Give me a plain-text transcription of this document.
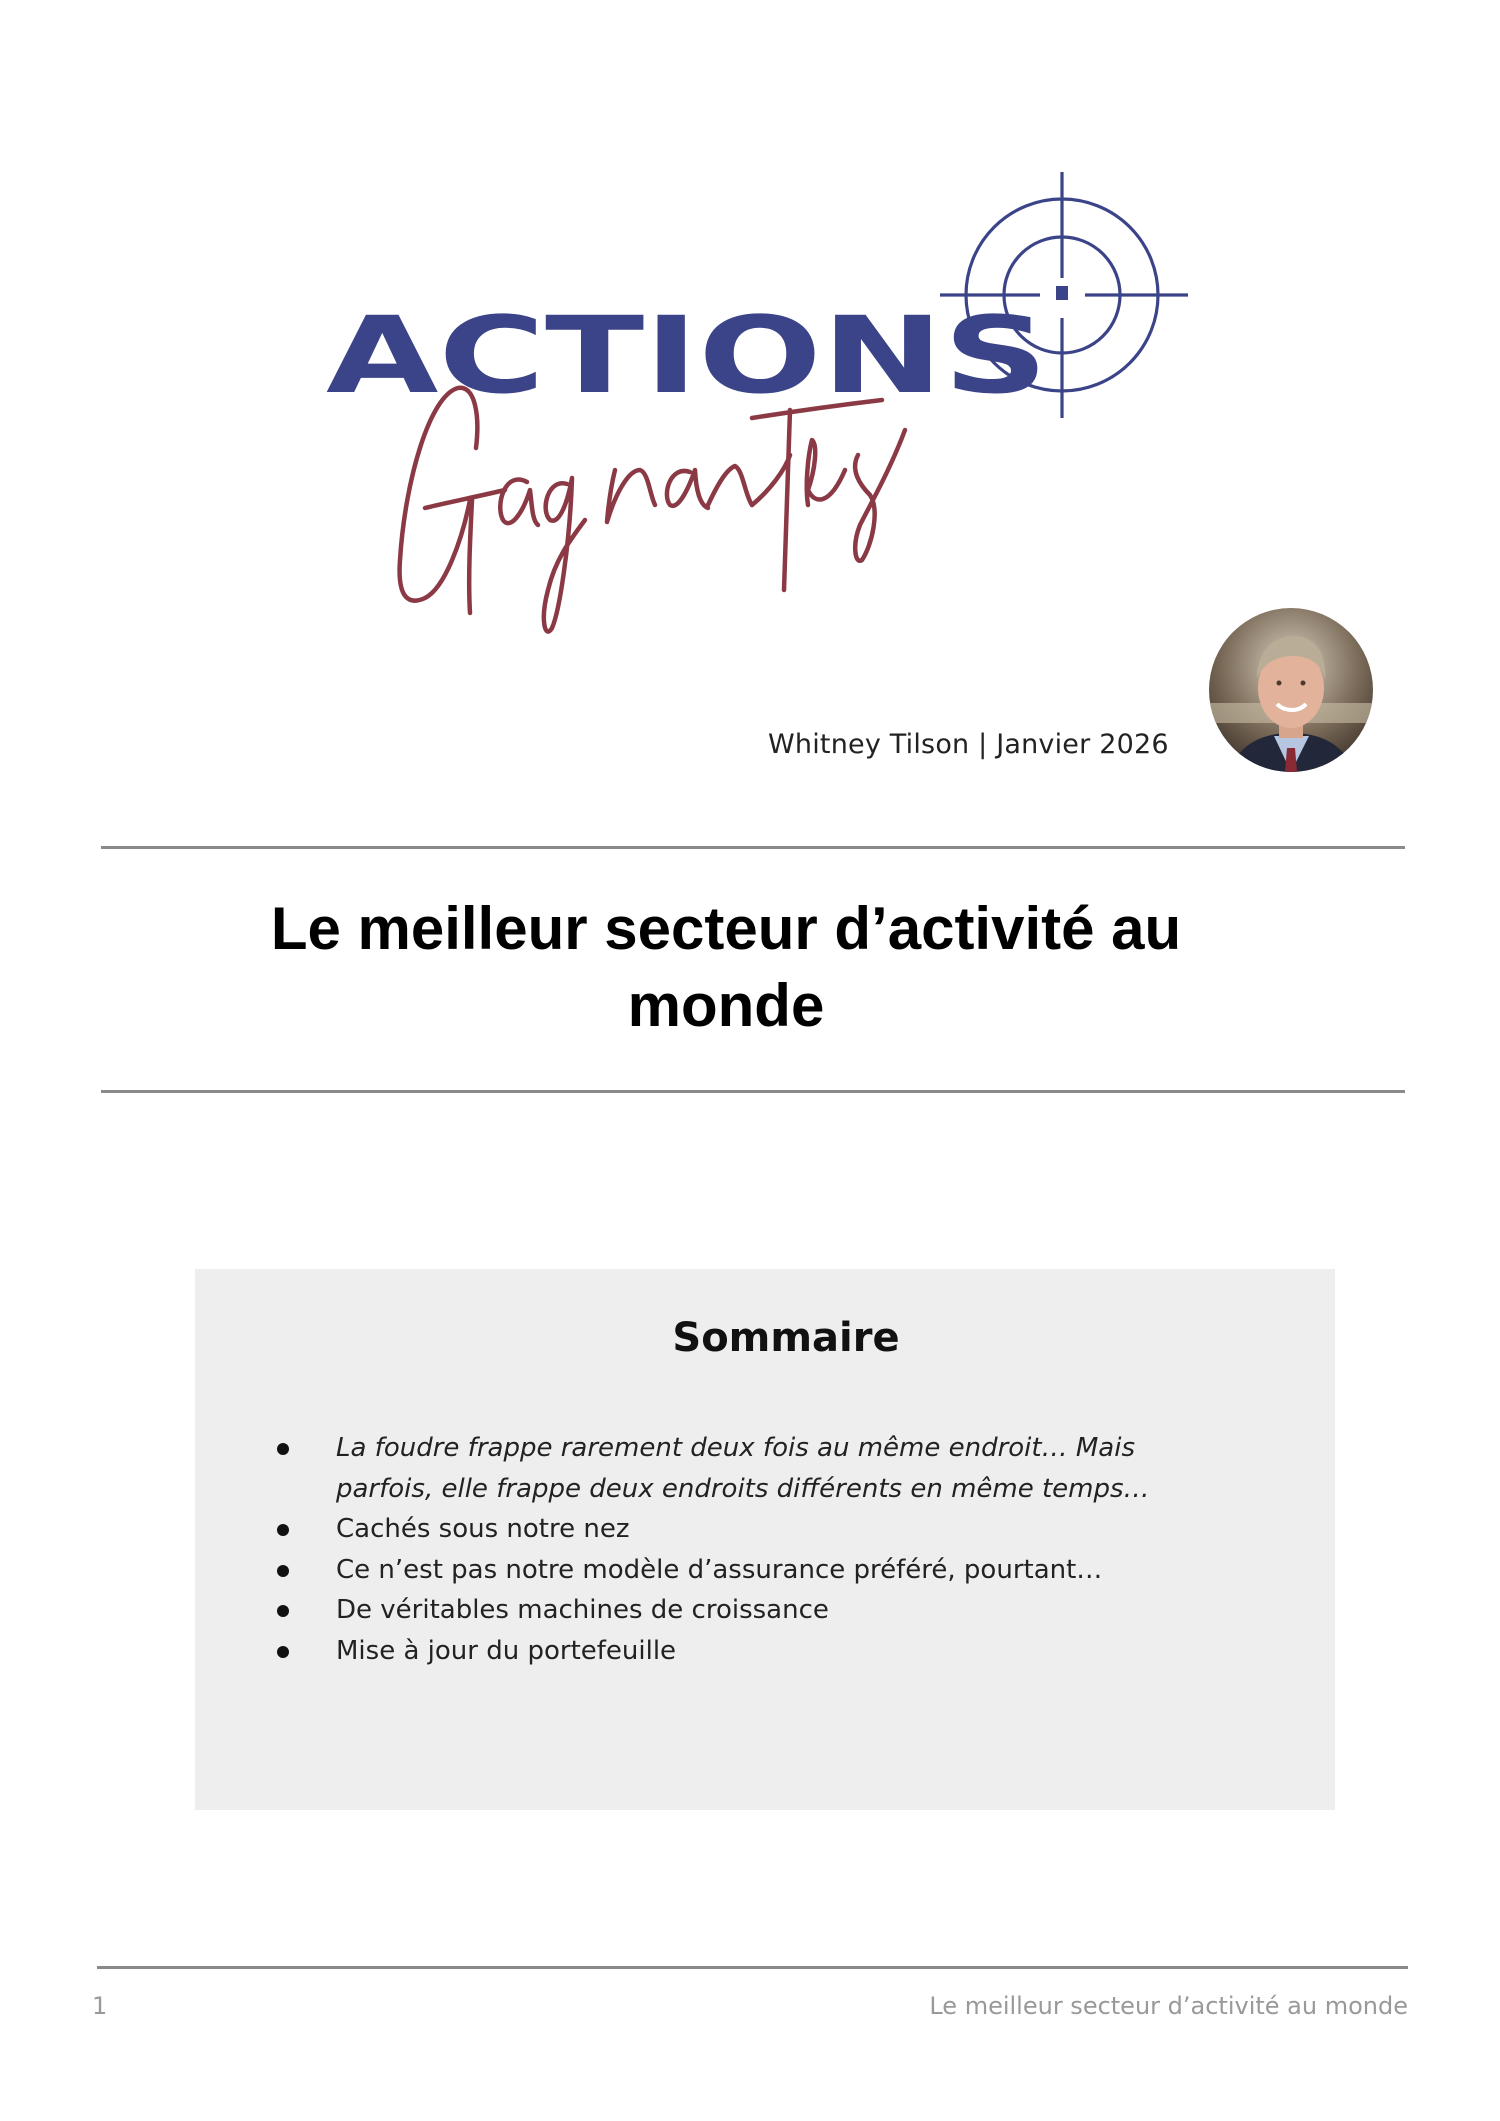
ACTIONS
Whitney Tilson | Janvier 2026
Le meilleur secteur d’activité au
monde
Sommaire
La foudre frappe rarement deux fois au même endroit… Mais parfois, elle frappe deux endroits différents en même temps…
Cachés sous notre nez
Ce n’est pas notre modèle d’assurance préféré, pourtant…
De véritables machines de croissance
Mise à jour du portefeuille
1	Le meilleur secteur d’activité au monde
